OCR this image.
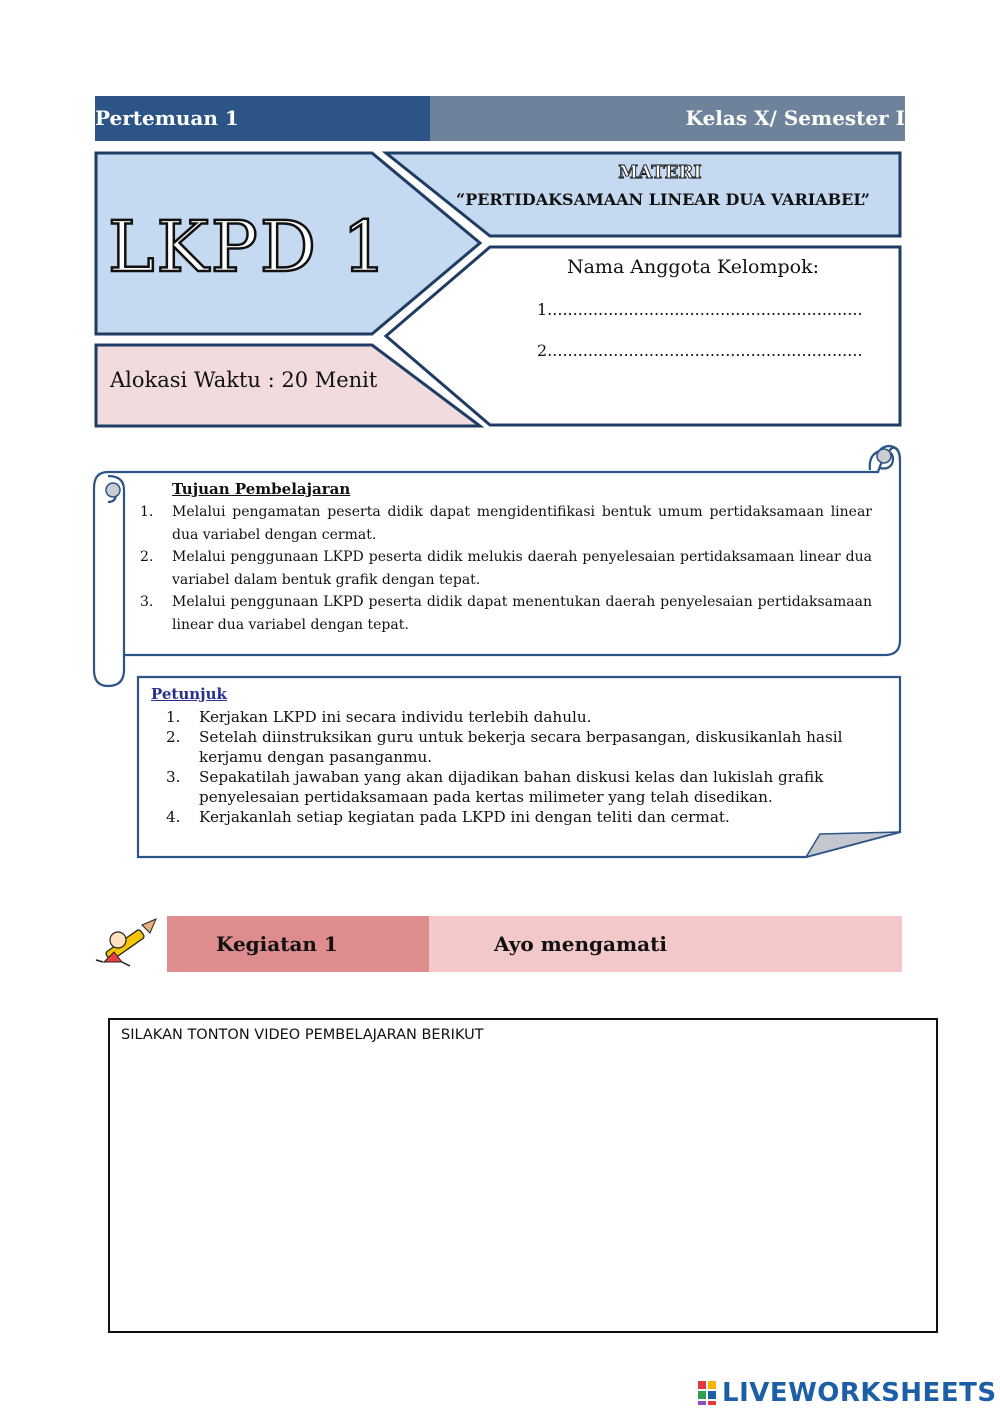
Pertemuan 1	Kelas X/ Semester I
LKPD 1
Alokasi Waktu : 20 Menit
MATERI
“PERTIDAKSAMAAN LINEAR DUA VARIABEL”
Nama Anggota Kelompok:
1..............................................................
2..............................................................
Tujuan Pembelajaran
1.	Melalui pengamatan peserta didik dapat mengidentifikasi bentuk umum pertidaksamaan linear dua variabel dengan cermat.
2.	Melalui penggunaan LKPD peserta didik melukis daerah penyelesaian pertidaksamaan linear dua variabel dalam bentuk grafik dengan tepat.
3.	Melalui penggunaan LKPD peserta didik dapat menentukan daerah penyelesaian pertidaksamaan linear dua variabel dengan tepat.
Petunjuk
1.	Kerjakan LKPD ini secara individu terlebih dahulu.
2.	Setelah diinstruksikan guru untuk bekerja secara berpasangan, diskusikanlah hasil kerjamu dengan pasanganmu.
3.	Sepakatilah jawaban yang akan dijadikan bahan diskusi kelas dan lukislah grafik penyelesaian pertidaksamaan pada kertas milimeter yang telah disedikan.
4.	Kerjakanlah setiap kegiatan pada LKPD ini dengan teliti dan cermat.
Kegiatan 1	Ayo mengamati
SILAKAN TONTON VIDEO PEMBELAJARAN BERIKUT
LIVEWORKSHEETS
